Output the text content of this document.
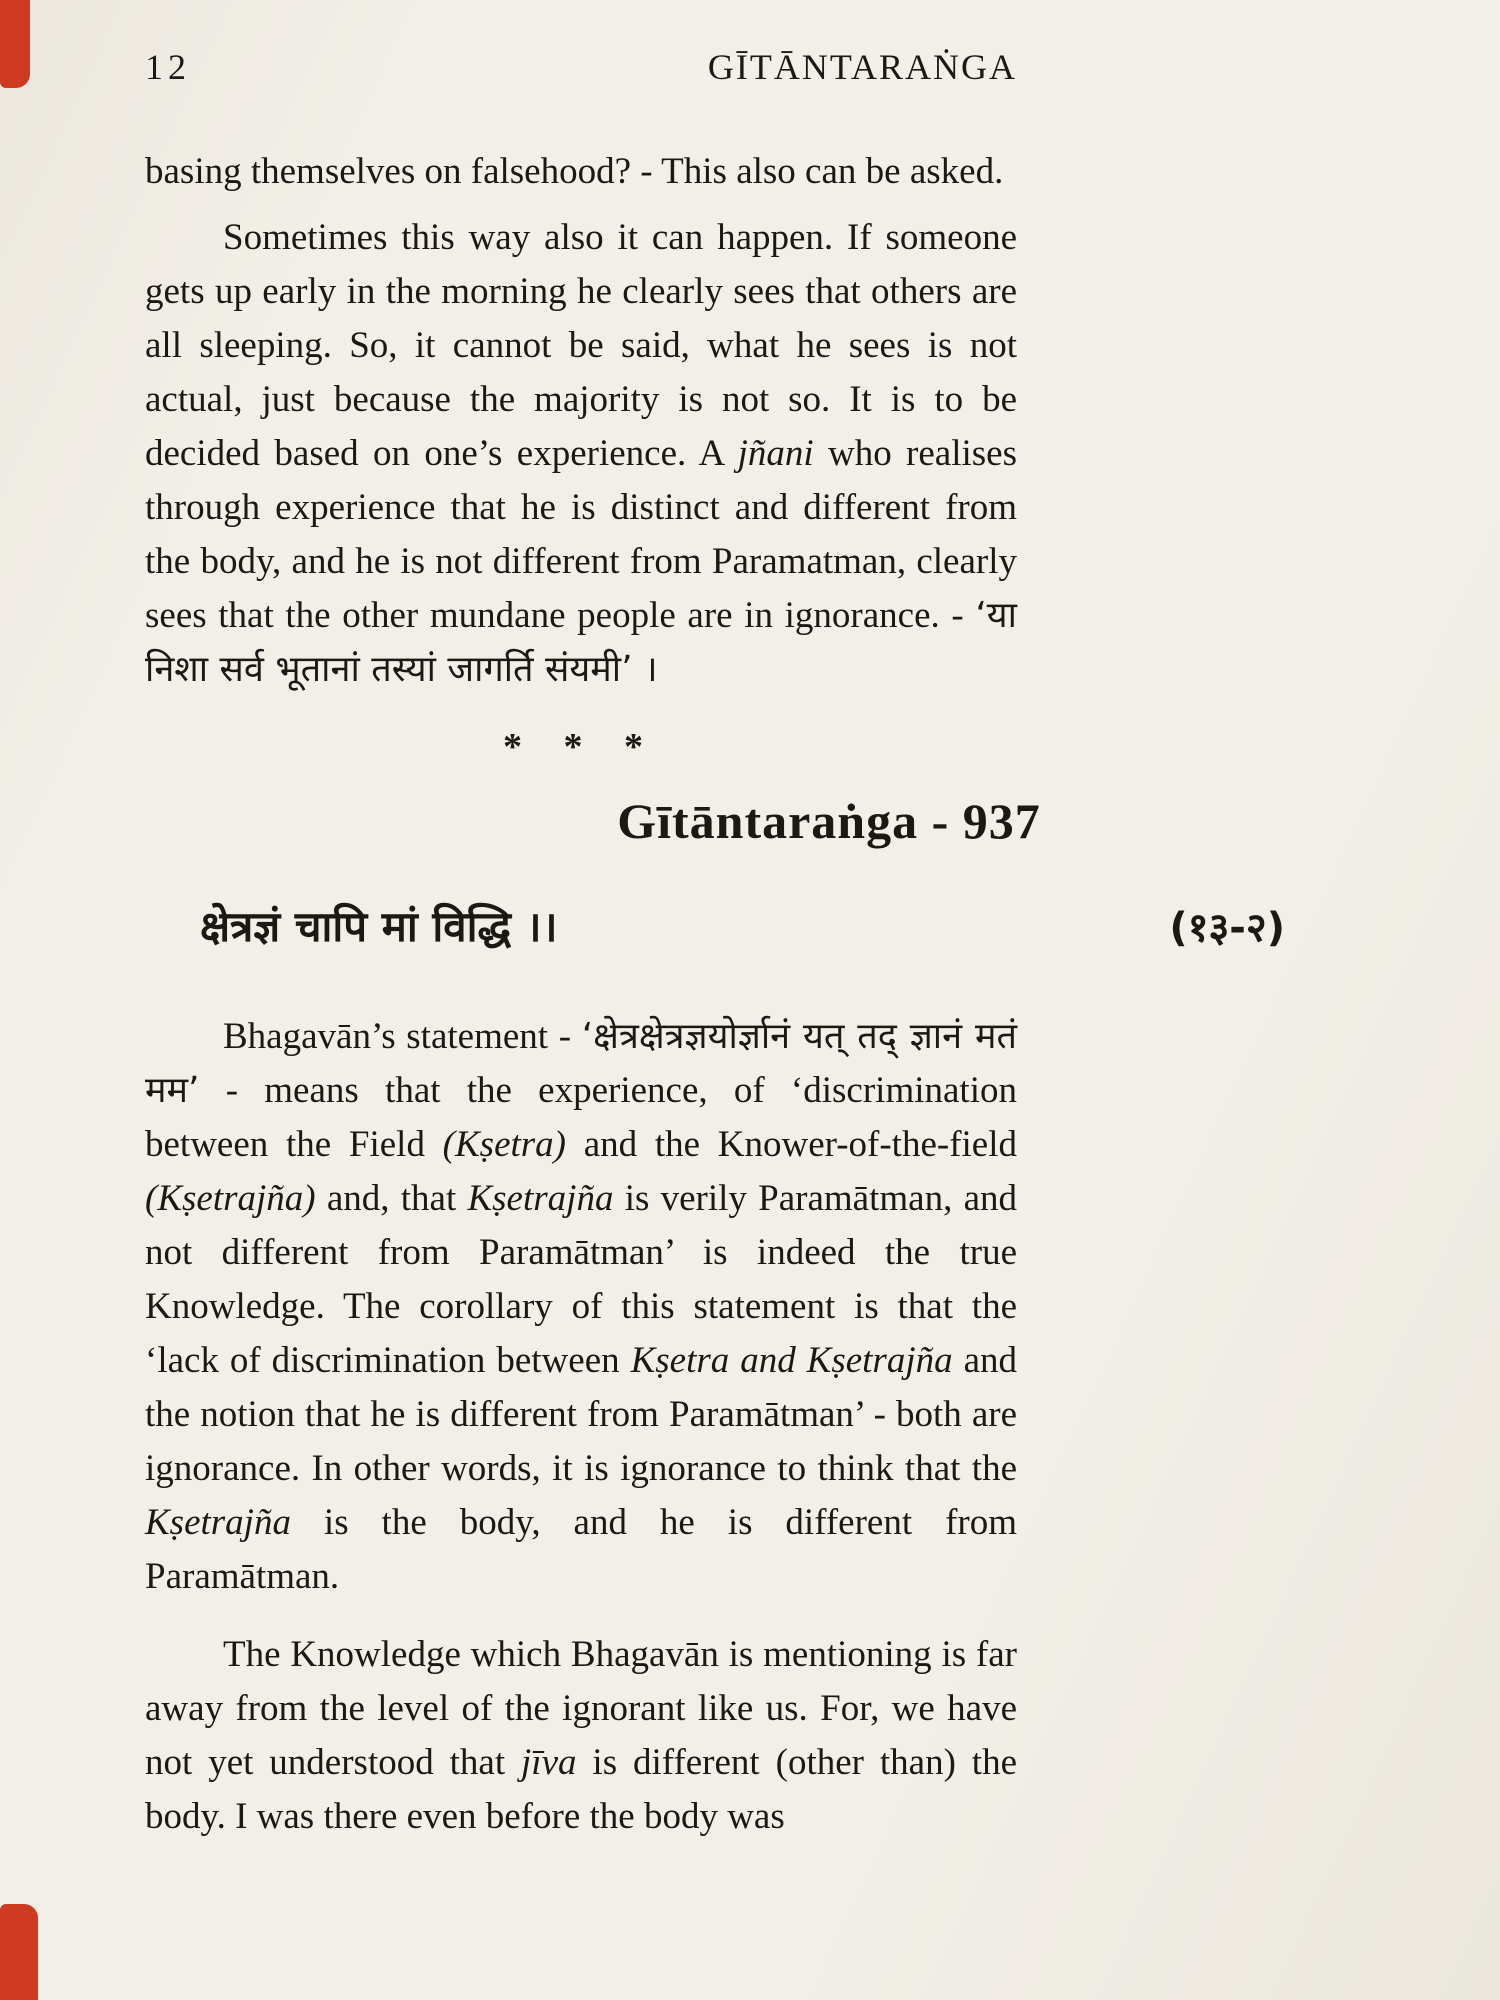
12	GĪTĀNTARAṄGA

basing themselves on falsehood? - This also can be asked.

Sometimes this way also it can happen. If someone gets up early in the morning he clearly sees that others are all sleeping. So, it cannot be said, what he sees is not actual, just because the majority is not so. It is to be decided based on one’s experience. A jñani who realises through experience that he is distinct and different from the body, and he is not different from Paramatman, clearly sees that the other mundane people are in ignorance. - ‘या निशा सर्व भूतानां तस्यां जागर्ति संयमी’ ।

* * *
Gītāntaraṅga - 937
क्षेत्रज्ञं चापि मां विद्धि ।।	(१३-२)

Bhagavān’s statement - ‘क्षेत्रक्षेत्रज्ञयोर्ज्ञानं यत् तद् ज्ञानं मतं मम’ - means that the experience, of ‘discrimination between the Field (Kṣetra) and the Knower-of-the-field (Kṣetrajña) and, that Kṣetrajña is verily Paramātman, and not different from Paramātman’ is indeed the true Knowledge. The corollary of this statement is that the ‘lack of discrimination between Kṣetra and Kṣetrajña and the notion that he is different from Paramātman’ - both are ignorance. In other words, it is ignorance to think that the Kṣetrajña is the body, and he is different from Paramātman.

The Knowledge which Bhagavān is mentioning is far away from the level of the ignorant like us. For, we have not yet understood that jīva is different (other than) the body. I was there even before the body was
